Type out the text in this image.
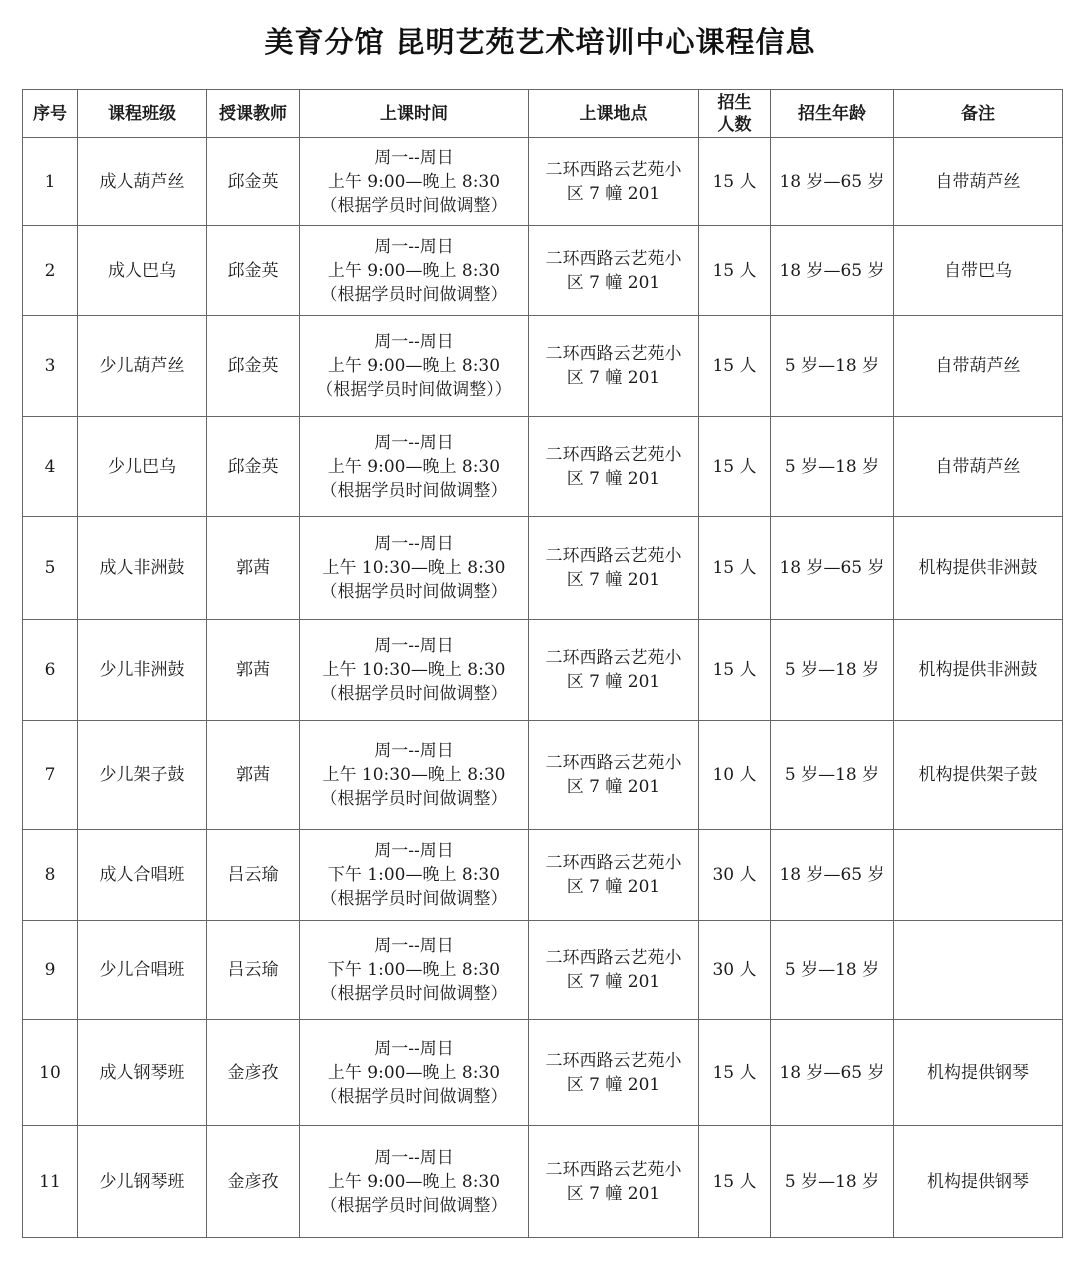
美育分馆 昆明艺苑艺术培训中心课程信息
序号	课程班级	授课教师	上课时间	上课地点	招生
人数	招生年龄	备注
1	成人葫芦丝	邱金英	周一--周日
上午 9:00—晚上 8:30
（根据学员时间做调整）	二环西路云艺苑小
区 7 幢 201	15 人	18 岁—65 岁	自带葫芦丝
2	成人巴乌	邱金英	周一--周日
上午 9:00—晚上 8:30
（根据学员时间做调整）	二环西路云艺苑小
区 7 幢 201	15 人	18 岁—65 岁	自带巴乌
3	少儿葫芦丝	邱金英	周一--周日
上午 9:00—晚上 8:30
（根据学员时间做调整））	二环西路云艺苑小
区 7 幢 201	15 人	5 岁—18 岁	自带葫芦丝
4	少儿巴乌	邱金英	周一--周日
上午 9:00—晚上 8:30
（根据学员时间做调整）	二环西路云艺苑小
区 7 幢 201	15 人	5 岁—18 岁	自带葫芦丝
5	成人非洲鼓	郭茜	周一--周日
上午 10:30—晚上 8:30
（根据学员时间做调整）	二环西路云艺苑小
区 7 幢 201	15 人	18 岁—65 岁	机构提供非洲鼓
6	少儿非洲鼓	郭茜	周一--周日
上午 10:30—晚上 8:30
（根据学员时间做调整）	二环西路云艺苑小
区 7 幢 201	15 人	5 岁—18 岁	机构提供非洲鼓
7	少儿架子鼓	郭茜	周一--周日
上午 10:30—晚上 8:30
（根据学员时间做调整）	二环西路云艺苑小
区 7 幢 201	10 人	5 岁—18 岁	机构提供架子鼓
8	成人合唱班	吕云瑜	周一--周日
下午 1:00—晚上 8:30
（根据学员时间做调整）	二环西路云艺苑小
区 7 幢 201	30 人	18 岁—65 岁	
9	少儿合唱班	吕云瑜	周一--周日
下午 1:00—晚上 8:30
（根据学员时间做调整）	二环西路云艺苑小
区 7 幢 201	30 人	5 岁—18 岁	
10	成人钢琴班	金彦孜	周一--周日
上午 9:00—晚上 8:30
（根据学员时间做调整）	二环西路云艺苑小
区 7 幢 201	15 人	18 岁—65 岁	机构提供钢琴
11	少儿钢琴班	金彦孜	周一--周日
上午 9:00—晚上 8:30
（根据学员时间做调整）	二环西路云艺苑小
区 7 幢 201	15 人	5 岁—18 岁	机构提供钢琴
